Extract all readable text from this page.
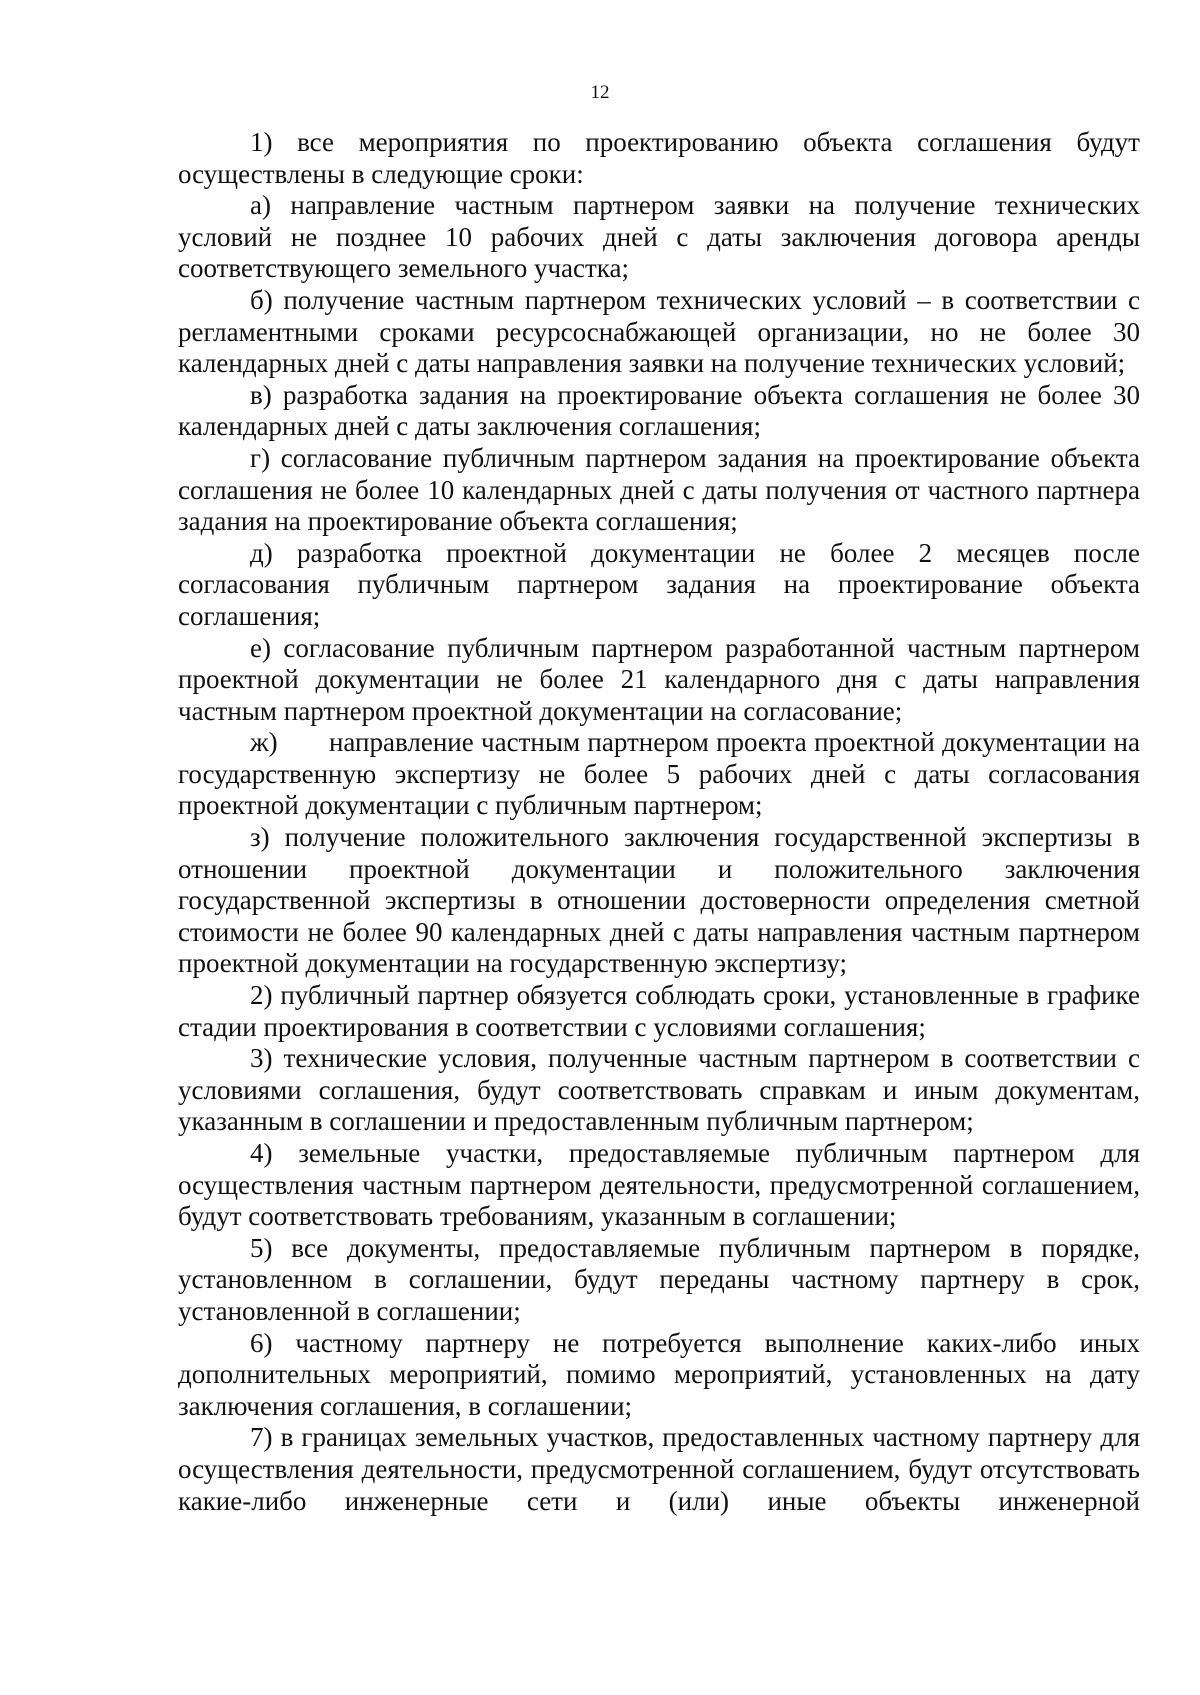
12

1) все мероприятия по проектированию объекта соглашения будут осуществлены в следующие сроки:

а) направление частным партнером заявки на получение технических условий не позднее 10 рабочих дней с даты заключения договора аренды соответствующего земельного участка;

б) получение частным партнером технических условий – в соответствии с регламентными сроками ресурсоснабжающей организации, но не более 30 календарных дней с даты направления заявки на получение технических условий;

в) разработка задания на проектирование объекта соглашения не более 30 календарных дней с даты заключения соглашения;

г) согласование публичным партнером задания на проектирование объекта соглашения не более 10 календарных дней с даты получения от частного партнера задания на проектирование объекта соглашения;

д) разработка проектной документации не более 2 месяцев после согласования публичным партнером задания на проектирование объекта соглашения;

е) согласование публичным партнером разработанной частным партнером проектной документации не более 21 календарного дня с даты направления частным партнером проектной документации на согласование;

ж)       направление частным партнером проекта проектной документации на государственную экспертизу не более 5 рабочих дней с даты согласования проектной документации с публичным партнером;

з) получение положительного заключения государственной экспертизы в отношении проектной документации и положительного заключения государственной экспертизы в отношении достоверности определения сметной стоимости не более 90 календарных дней с даты направления частным партнером проектной документации на государственную экспертизу;

2) публичный партнер обязуется соблюдать сроки, установленные в графике стадии проектирования в соответствии с условиями соглашения;

3) технические условия, полученные частным партнером в соответствии с условиями соглашения, будут соответствовать справкам и иным документам, указанным в соглашении и предоставленным публичным партнером;

4) земельные участки, предоставляемые публичным партнером для осуществления частным партнером деятельности, предусмотренной соглашением, будут соответствовать требованиям, указанным в соглашении;

5) все документы, предоставляемые публичным партнером в порядке, установленном в соглашении, будут переданы частному партнеру в срок, установленной в соглашении;

6) частному партнеру не потребуется выполнение каких-либо иных дополнительных мероприятий, помимо мероприятий, установленных на дату заключения соглашения, в соглашении;

7) в границах земельных участков, предоставленных частному партнеру для осуществления деятельности, предусмотренной соглашением, будут отсутствовать какие-либо инженерные сети и (или) иные объекты инженерной
